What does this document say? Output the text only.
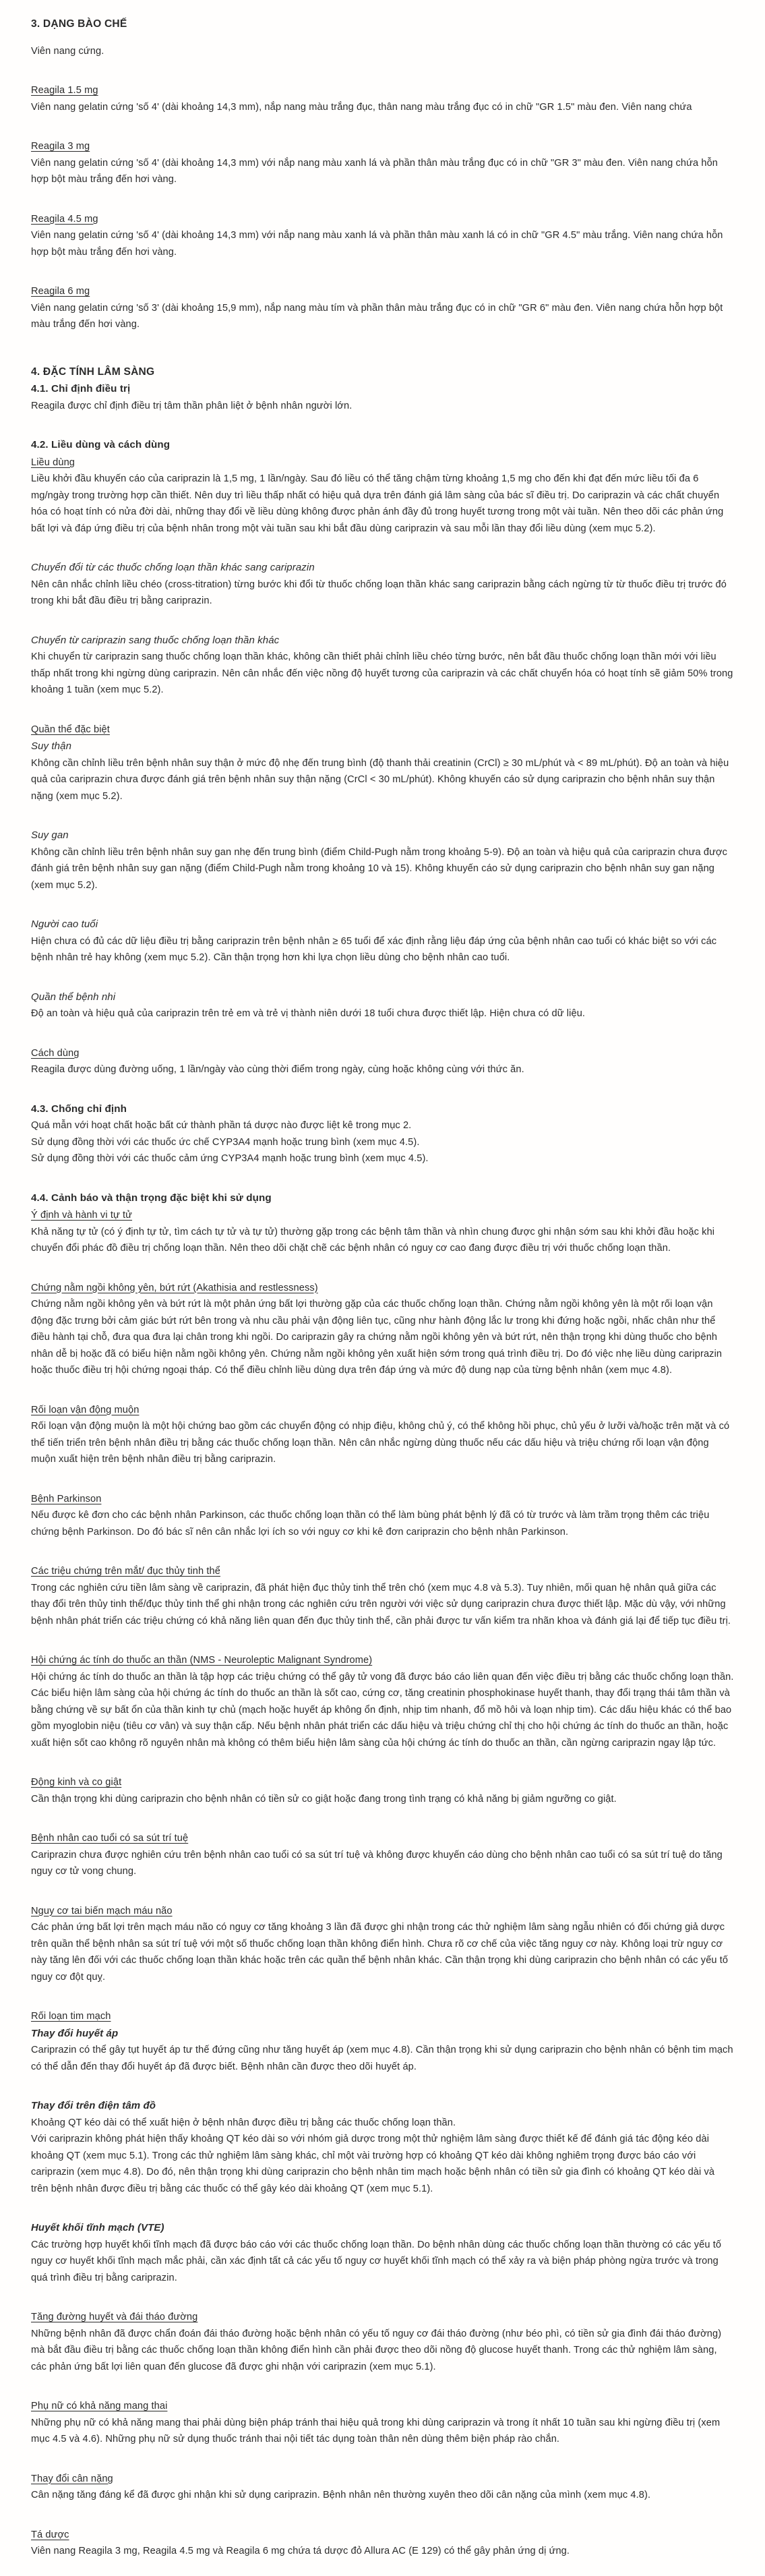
3. DẠNG BÀO CHẾ

Viên nang cứng.

Reagila 1.5 mg

Viên nang gelatin cứng 'số 4' (dài khoảng 14,3 mm), nắp nang màu trắng đục, thân nang màu trắng đục có in chữ "GR 1.5" màu đen. Viên nang chứa

Reagila 3 mg

Viên nang gelatin cứng 'số 4' (dài khoảng 14,3 mm) với nắp nang màu xanh lá và phần thân màu trắng đục có in chữ "GR 3" màu đen. Viên nang chứa hỗn hợp bột màu trắng đến hơi vàng.

Reagila 4.5 mg

Viên nang gelatin cứng 'số 4' (dài khoảng 14,3 mm) với nắp nang màu xanh lá và phần thân màu xanh lá có in chữ "GR 4.5" màu trắng. Viên nang chứa hỗn hợp bột màu trắng đến hơi vàng.

Reagila 6 mg

Viên nang gelatin cứng 'số 3' (dài khoảng 15,9 mm), nắp nang màu tím và phần thân màu trắng đục có in chữ "GR 6" màu đen. Viên nang chứa hỗn hợp bột màu trắng đến hơi vàng.

4. ĐẶC TÍNH LÂM SÀNG

4.1. Chỉ định điều trị

Reagila được chỉ định điều trị tâm thần phân liệt ở bệnh nhân người lớn.

4.2. Liều dùng và cách dùng

Liều dùng

Liều khởi đầu khuyến cáo của cariprazin là 1,5 mg, 1 lần/ngày. Sau đó liều có thể tăng chậm từng khoảng 1,5 mg cho đến khi đạt đến mức liều tối đa 6 mg/ngày trong trường hợp cần thiết. Nên duy trì liều thấp nhất có hiệu quả dựa trên đánh giá lâm sàng của bác sĩ điều trị. Do cariprazin và các chất chuyển hóa có hoạt tính có nửa đời dài, những thay đổi về liều dùng không được phản ánh đầy đủ trong huyết tương trong một vài tuần. Nên theo dõi các phản ứng bất lợi và đáp ứng điều trị của bệnh nhân trong một vài tuần sau khi bắt đầu dùng cariprazin và sau mỗi lần thay đổi liều dùng (xem mục 5.2).

Chuyển đổi từ các thuốc chống loạn thần khác sang cariprazin

Nên cân nhắc chỉnh liều chéo (cross-titration) từng bước khi đổi từ thuốc chống loạn thần khác sang cariprazin bằng cách ngừng từ từ thuốc điều trị trước đó trong khi bắt đầu điều trị bằng cariprazin.

Chuyển từ cariprazin sang thuốc chống loạn thần khác

Khi chuyển từ cariprazin sang thuốc chống loạn thần khác, không cần thiết phải chỉnh liều chéo từng bước, nên bắt đầu thuốc chống loạn thần mới với liều thấp nhất trong khi ngừng dùng cariprazin. Nên cân nhắc đến việc nồng độ huyết tương của cariprazin và các chất chuyển hóa có hoạt tính sẽ giảm 50% trong khoảng 1 tuần (xem mục 5.2).

Quần thể đặc biệt

Suy thận

Không cần chỉnh liều trên bệnh nhân suy thận ở mức độ nhẹ đến trung bình (độ thanh thải creatinin (CrCl) ≥ 30 mL/phút và < 89 mL/phút). Độ an toàn và hiệu quả của cariprazin chưa được đánh giá trên bệnh nhân suy thận nặng (CrCl < 30 mL/phút). Không khuyến cáo sử dụng cariprazin cho bệnh nhân suy thận nặng (xem mục 5.2).

Suy gan

Không cần chỉnh liều trên bệnh nhân suy gan nhẹ đến trung bình (điểm Child-Pugh nằm trong khoảng 5-9). Độ an toàn và hiệu quả của cariprazin chưa được đánh giá trên bệnh nhân suy gan nặng (điểm Child-Pugh nằm trong khoảng 10 và 15). Không khuyến cáo sử dụng cariprazin cho bệnh nhân suy gan nặng (xem mục 5.2).

Người cao tuổi

Hiện chưa có đủ các dữ liệu điều trị bằng cariprazin trên bệnh nhân ≥ 65 tuổi để xác định rằng liệu đáp ứng của bệnh nhân cao tuổi có khác biệt so với các bệnh nhân trẻ hay không (xem mục 5.2). Cần thận trọng hơn khi lựa chọn liều dùng cho bệnh nhân cao tuổi.

Quần thể bệnh nhi

Độ an toàn và hiệu quả của cariprazin trên trẻ em và trẻ vị thành niên dưới 18 tuổi chưa được thiết lập. Hiện chưa có dữ liệu.

Cách dùng

Reagila được dùng đường uống, 1 lần/ngày vào cùng thời điểm trong ngày, cùng hoặc không cùng với thức ăn.

4.3. Chống chỉ định

Quá mẫn với hoạt chất hoặc bất cứ thành phần tá dược nào được liệt kê trong mục 2.

Sử dụng đồng thời với các thuốc ức chế CYP3A4 mạnh hoặc trung bình (xem mục 4.5).

Sử dụng đồng thời với các thuốc cảm ứng CYP3A4 mạnh hoặc trung bình (xem mục 4.5).

4.4. Cảnh báo và thận trọng đặc biệt khi sử dụng

Ý định và hành vi tự tử

Khả năng tự tử (có ý định tự tử, tìm cách tự tử và tự tử) thường gặp trong các bệnh tâm thần và nhìn chung được ghi nhận sớm sau khi khởi đầu hoặc khi chuyển đổi phác đồ điều trị chống loạn thần. Nên theo dõi chặt chẽ các bệnh nhân có nguy cơ cao đang được điều trị với thuốc chống loạn thần.

Chứng nằm ngồi không yên, bứt rứt (Akathisia and restlessness)

Chứng nằm ngồi không yên và bứt rứt là một phản ứng bất lợi thường gặp của các thuốc chống loạn thần. Chứng nằm ngồi không yên là một rối loạn vận động đặc trưng bởi cảm giác bứt rứt bên trong và nhu cầu phải vận động liên tục, cũng như hành động lắc lư trong khi đứng hoặc ngồi, nhấc chân như thể điều hành tại chỗ, đưa qua đưa lại chân trong khi ngồi. Do cariprazin gây ra chứng nằm ngồi không yên và bứt rứt, nên thận trọng khi dùng thuốc cho bệnh nhân dễ bị hoặc đã có biểu hiện nằm ngồi không yên. Chứng nằm ngồi không yên xuất hiện sớm trong quá trình điều trị. Do đó việc nhẹ liều dùng cariprazin hoặc thuốc điều trị hội chứng ngoại tháp. Có thể điều chỉnh liều dùng dựa trên đáp ứng và mức độ dung nạp của từng bệnh nhân (xem mục 4.8).

Rối loạn vận động muộn

Rối loạn vận động muộn là một hội chứng bao gồm các chuyển động có nhịp điệu, không chủ ý, có thể không hồi phục, chủ yếu ở lưỡi và/hoặc trên mặt và có thể tiến triển trên bệnh nhân điều trị bằng các thuốc chống loạn thần. Nên cân nhắc ngừng dùng thuốc nếu các dấu hiệu và triệu chứng rối loạn vận động muộn xuất hiện trên bệnh nhân điều trị bằng cariprazin.

Bệnh Parkinson

Nếu được kê đơn cho các bệnh nhân Parkinson, các thuốc chống loạn thần có thể làm bùng phát bệnh lý đã có từ trước và làm trầm trọng thêm các triệu chứng bệnh Parkinson. Do đó bác sĩ nên cân nhắc lợi ích so với nguy cơ khi kê đơn cariprazin cho bệnh nhân Parkinson.

Các triệu chứng trên mắt/ đục thủy tinh thể

Trong các nghiên cứu tiền lâm sàng về cariprazin, đã phát hiện đục thủy tinh thể trên chó (xem mục 4.8 và 5.3). Tuy nhiên, mối quan hệ nhân quả giữa các thay đổi trên thủy tinh thể/đục thủy tinh thể ghi nhận trong các nghiên cứu trên người với việc sử dụng cariprazin chưa được thiết lập. Mặc dù vậy, với những bệnh nhân phát triển các triệu chứng có khả năng liên quan đến đục thủy tinh thể, cần phải được tư vấn kiểm tra nhãn khoa và đánh giá lại để tiếp tục điều trị.

Hội chứng ác tính do thuốc an thần (NMS - Neuroleptic Malignant Syndrome)

Hội chứng ác tính do thuốc an thần là tập hợp các triệu chứng có thể gây tử vong đã được báo cáo liên quan đến việc điều trị bằng các thuốc chống loạn thần. Các biểu hiện lâm sàng của hội chứng ác tính do thuốc an thần là sốt cao, cứng cơ, tăng creatinin phosphokinase huyết thanh, thay đổi trạng thái tâm thần và bằng chứng về sự bất ổn của thần kinh tự chủ (mạch hoặc huyết áp không ổn định, nhịp tim nhanh, đổ mồ hôi và loạn nhịp tim). Các dấu hiệu khác có thể bao gồm myoglobin niệu (tiêu cơ vân) và suy thận cấp. Nếu bệnh nhân phát triển các dấu hiệu và triệu chứng chỉ thị cho hội chứng ác tính do thuốc an thần, hoặc xuất hiện sốt cao không rõ nguyên nhân mà không có thêm biểu hiện lâm sàng của hội chứng ác tính do thuốc an thần, cần ngừng cariprazin ngay lập tức.

Động kinh và co giật

Cần thận trọng khi dùng cariprazin cho bệnh nhân có tiền sử co giật hoặc đang trong tình trạng có khả năng bị giảm ngưỡng co giật.

Bệnh nhân cao tuổi có sa sút trí tuệ

Cariprazin chưa được nghiên cứu trên bệnh nhân cao tuổi có sa sút trí tuệ và không được khuyến cáo dùng cho bệnh nhân cao tuổi có sa sút trí tuệ do tăng nguy cơ tử vong chung.

Nguy cơ tai biến mạch máu não

Các phản ứng bất lợi trên mạch máu não có nguy cơ tăng khoảng 3 lần đã được ghi nhận trong các thử nghiệm lâm sàng ngẫu nhiên có đối chứng giả dược trên quần thể bệnh nhân sa sút trí tuệ với một số thuốc chống loạn thần không điển hình. Chưa rõ cơ chế của việc tăng nguy cơ này. Không loại trừ nguy cơ này tăng lên đối với các thuốc chống loạn thần khác hoặc trên các quần thể bệnh nhân khác. Cần thận trọng khi dùng cariprazin cho bệnh nhân có các yếu tố nguy cơ đột quỵ.

Rối loạn tim mạch

Thay đổi huyết áp

Cariprazin có thể gây tụt huyết áp tư thế đứng cũng như tăng huyết áp (xem mục 4.8). Cần thận trọng khi sử dụng cariprazin cho bệnh nhân có bệnh tim mạch có thể dẫn đến thay đổi huyết áp đã được biết. Bệnh nhân cần được theo dõi huyết áp.

Thay đổi trên điện tâm đồ

Khoảng QT kéo dài có thể xuất hiện ở bệnh nhân được điều trị bằng các thuốc chống loạn thần.

Với cariprazin không phát hiện thấy khoảng QT kéo dài so với nhóm giả dược trong một thử nghiệm lâm sàng được thiết kế để đánh giá tác động kéo dài khoảng QT (xem mục 5.1). Trong các thử nghiệm lâm sàng khác, chỉ một vài trường hợp có khoảng QT kéo dài không nghiêm trọng được báo cáo với cariprazin (xem mục 4.8). Do đó, nên thận trọng khi dùng cariprazin cho bệnh nhân tim mạch hoặc bệnh nhân có tiền sử gia đình có khoảng QT kéo dài và trên bệnh nhân được điều trị bằng các thuốc có thể gây kéo dài khoảng QT (xem mục 5.1).

Huyết khối tĩnh mạch (VTE)

Các trường hợp huyết khối tĩnh mạch đã được báo cáo với các thuốc chống loạn thần. Do bệnh nhân dùng các thuốc chống loạn thần thường có các yếu tố nguy cơ huyết khối tĩnh mạch mắc phải, cần xác định tất cả các yếu tố nguy cơ huyết khối tĩnh mạch có thể xảy ra và biện pháp phòng ngừa trước và trong quá trình điều trị bằng cariprazin.

Tăng đường huyết và đái tháo đường

Những bệnh nhân đã được chẩn đoán đái tháo đường hoặc bệnh nhân có yếu tố nguy cơ đái tháo đường (như béo phì, có tiền sử gia đình đái tháo đường) mà bắt đầu điều trị bằng các thuốc chống loạn thần không điển hình cần phải được theo dõi nồng độ glucose huyết thanh. Trong các thử nghiệm lâm sàng, các phản ứng bất lợi liên quan đến glucose đã được ghi nhận với cariprazin (xem mục 5.1).

Phụ nữ có khả năng mang thai

Những phụ nữ có khả năng mang thai phải dùng biện pháp tránh thai hiệu quả trong khi dùng cariprazin và trong ít nhất 10 tuần sau khi ngừng điều trị (xem mục 4.5 và 4.6). Những phụ nữ sử dụng thuốc tránh thai nội tiết tác dụng toàn thân nên dùng thêm biện pháp rào chắn.

Thay đổi cân nặng

Cân nặng tăng đáng kể đã được ghi nhận khi sử dụng cariprazin. Bệnh nhân nên thường xuyên theo dõi cân nặng của mình (xem mục 4.8).

Tá dược

Viên nang Reagila 3 mg, Reagila 4.5 mg và Reagila 6 mg chứa tá dược đỏ Allura AC (E 129) có thể gây phản ứng dị ứng.
